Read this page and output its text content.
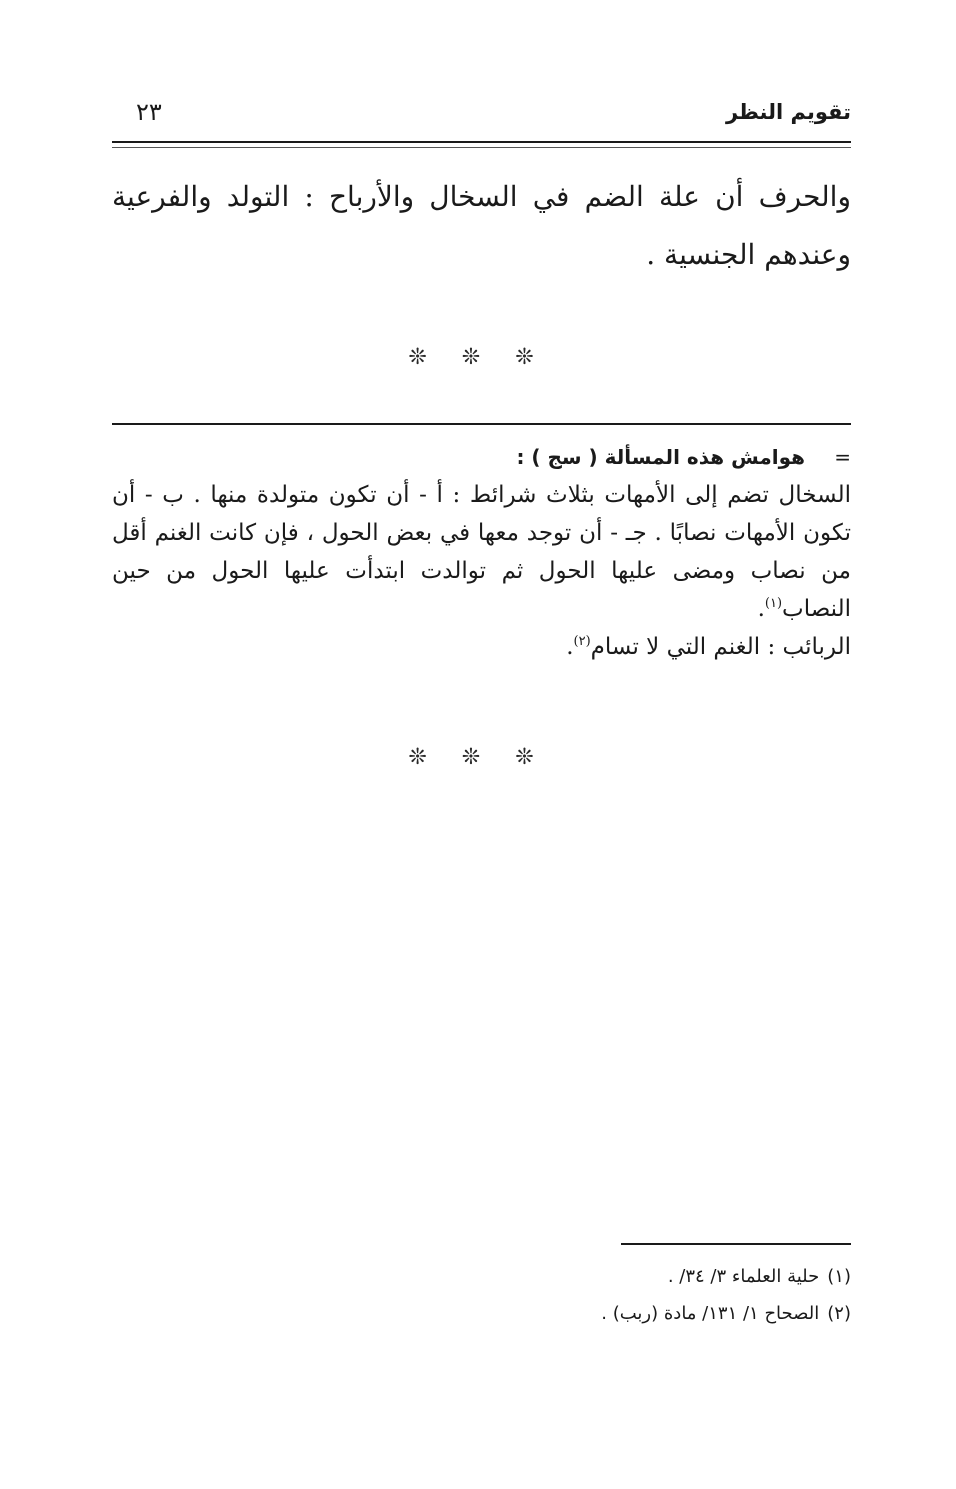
تقويم النظر
٢٣
والحرف أن علة الضم في السخال والأرباح : التولد والفرعية وعندهم الجنسية .
❊ ❊ ❊
=
هوامش هذه المسألة ( سج ) :
السخال تضم إلى الأمهات بثلاث شرائط : أ - أن تكون متولدة منها . ب - أن تكون الأمهات نصابًا . جـ - أن توجد معها في بعض الحول ، فإن كانت الغنم أقل من نصاب ومضى عليها الحول ثم توالدت ابتدأت عليها الحول من حين النصاب$^{(١)}$.
الربائب : الغنم التي لا تسام$^{(٢)}$.
❊ ❊ ❊
(١)حلية العلماء ٣/ ٣٤/ .
(٢)الصحاح ١/ ١٣١/ مادة (ربب) .
